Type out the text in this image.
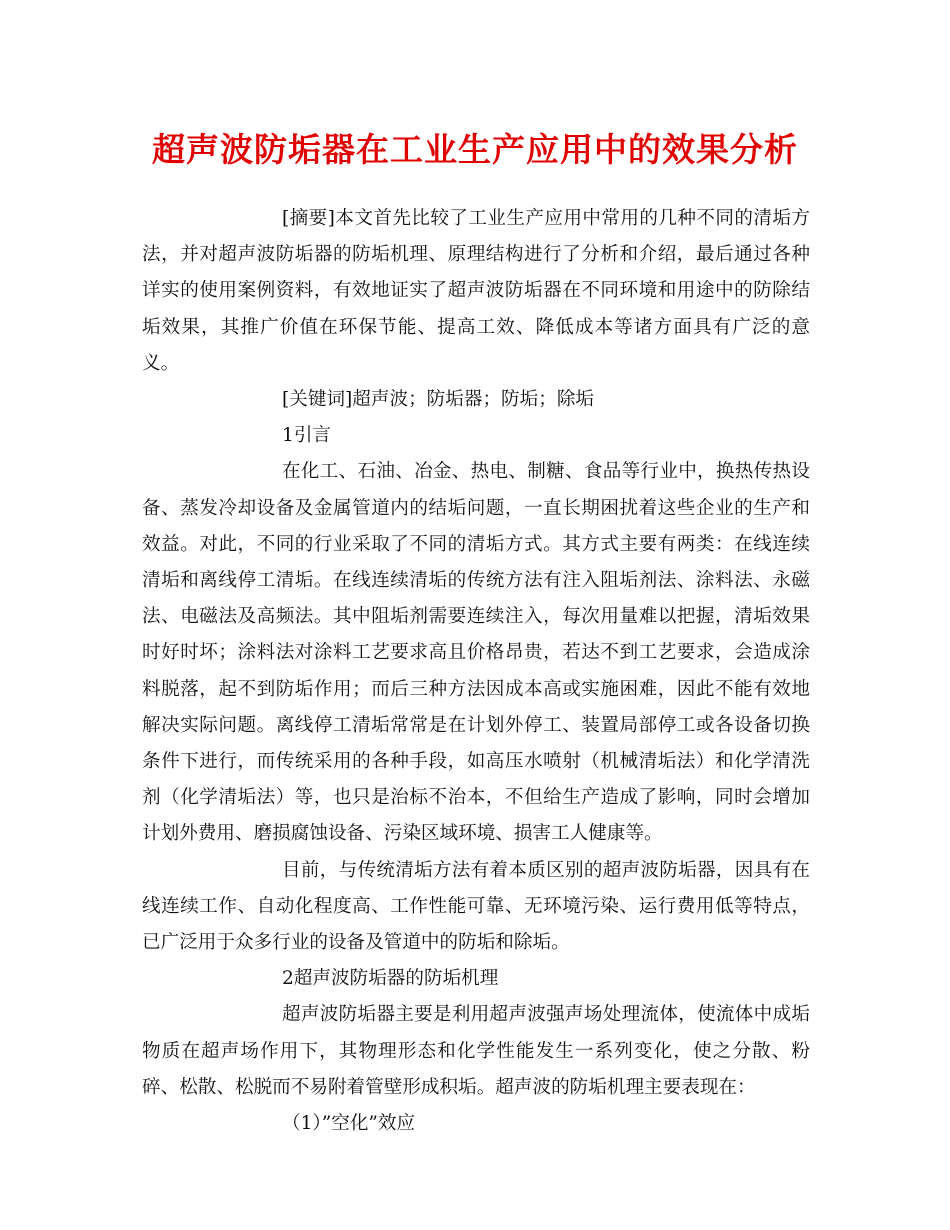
超声波防垢器在工业生产应用中的效果分析

[摘要]本文首先比较了工业生产应用中常用的几种不同的清垢方法，并对超声波防垢器的防垢机理、原理结构进行了分析和介绍，最后通过各种详实的使用案例资料，有效地证实了超声波防垢器在不同环境和用途中的防除结垢效果，其推广价值在环保节能、提高工效、降低成本等诸方面具有广泛的意义。

[关键词]超声波；防垢器；防垢；除垢

1引言

在化工、石油、冶金、热电、制糖、食品等行业中，换热传热设备、蒸发冷却设备及金属管道内的结垢问题，一直长期困扰着这些企业的生产和效益。对此，不同的行业采取了不同的清垢方式。其方式主要有两类：在线连续清垢和离线停工清垢。在线连续清垢的传统方法有注入阻垢剂法、涂料法、永磁法、电磁法及高频法。其中阻垢剂需要连续注入，每次用量难以把握，清垢效果时好时坏；涂料法对涂料工艺要求高且价格昂贵，若达不到工艺要求，会造成涂料脱落，起不到防垢作用；而后三种方法因成本高或实施困难，因此不能有效地解决实际问题。离线停工清垢常常是在计划外停工、装置局部停工或各设备切换条件下进行，而传统采用的各种手段，如高压水喷射（机械清垢法）和化学清洗剂（化学清垢法）等，也只是治标不治本，不但给生产造成了影响，同时会增加计划外费用、磨损腐蚀设备、污染区域环境、损害工人健康等。

目前，与传统清垢方法有着本质区别的超声波防垢器，因具有在线连续工作、自动化程度高、工作性能可靠、无环境污染、运行费用低等特点，已广泛用于众多行业的设备及管道中的防垢和除垢。

2超声波防垢器的防垢机理

超声波防垢器主要是利用超声波强声场处理流体，使流体中成垢物质在超声场作用下，其物理形态和化学性能发生一系列变化，使之分散、粉碎、松散、松脱而不易附着管壁形成积垢。超声波的防垢机理主要表现在：

（1）”空化”效应
